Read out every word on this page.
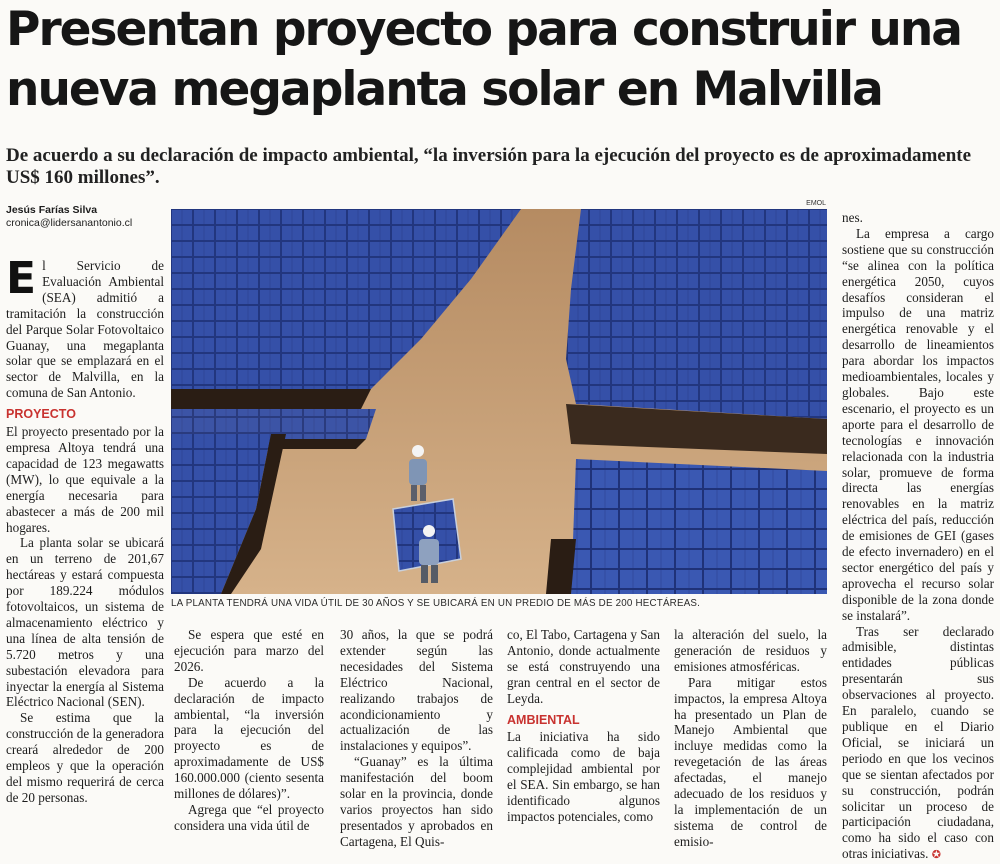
Presentan proyecto para construir una nueva megaplanta solar en Malvilla

De acuerdo a su declaración de impacto ambiental, “la inversión para la ejecución del proyecto es de aproximadamente US$ 160 millones”.

Jesús Farías Silva
cronica@lidersanantonio.cl
EMOL
LA PLANTA TENDRÁ UNA VIDA ÚTIL DE 30 AÑOS Y SE UBICARÁ EN UN PREDIO DE MÁS DE 200 HECTÁREAS.

El Servicio de Evaluación Ambiental (SEA) admitió a tramitación la construcción del Parque Solar Fotovoltaico Guanay, una megaplanta solar que se emplazará en el sector de Malvilla, en la comuna de San Antonio.

PROYECTO

El proyecto presentado por la empresa Altoya tendrá una capacidad de 123 megawatts (MW), lo que equivale a la energía necesaria para abastecer a más de 200 mil hogares.

La planta solar se ubicará en un terreno de 201,67 hectáreas y estará compuesta por 189.224 módulos fotovoltaicos, un sistema de almacenamiento eléctrico y una línea de alta tensión de 5.720 metros y una subestación elevadora para inyectar la energía al Sistema Eléctrico Nacional (SEN).

Se estima que la construcción de la generadora creará alrededor de 200 empleos y que la operación del mismo requerirá de cerca de 20 personas.

Se espera que esté en ejecución para marzo del 2026.

De acuerdo a la declaración de impacto ambiental, “la inversión para la ejecución del proyecto es de aproximadamente de US$ 160.000.000 (ciento sesenta millones de dólares)”.

Agrega que “el proyecto considera una vida útil de

30 años, la que se podrá extender según las necesidades del Sistema Eléctrico Nacional, realizando trabajos de acondicionamiento y actualización de las instalaciones y equipos”.

“Guanay” es la última manifestación del boom solar en la provincia, donde varios proyectos han sido presentados y aprobados en Cartagena, El Quis-

co, El Tabo, Cartagena y San Antonio, donde actualmente se está construyendo una gran central en el sector de Leyda.

AMBIENTAL

La iniciativa ha sido calificada como de baja complejidad ambiental por el SEA. Sin embargo, se han identificado algunos impactos potenciales, como

la alteración del suelo, la generación de residuos y emisiones atmosféricas.

Para mitigar estos impactos, la empresa Altoya ha presentado un Plan de Manejo Ambiental que incluye medidas como la revegetación de las áreas afectadas, el manejo adecuado de los residuos y la implementación de un sistema de control de emisio-

nes.

La empresa a cargo sostiene que su construcción “se alinea con la política energética 2050, cuyos desafíos consideran el impulso de una matriz energética renovable y el desarrollo de lineamientos para abordar los impactos medioambientales, locales y globales. Bajo este escenario, el proyecto es un aporte para el desarrollo de tecnologías e innovación relacionada con la industria solar, promueve de forma directa las energías renovables en la matriz eléctrica del país, reducción de emisiones de GEI (gases de efecto invernadero) en el sector energético del país y aprovecha el recurso solar disponible de la zona donde se instalará”.

Tras ser declarado admisible, distintas entidades públicas presentarán sus observaciones al proyecto. En paralelo, cuando se publique en el Diario Oficial, se iniciará un periodo en que los vecinos que se sientan afectados por su construcción, podrán solicitar un proceso de participación ciudadana, como ha sido el caso con otras iniciativas. ✪
